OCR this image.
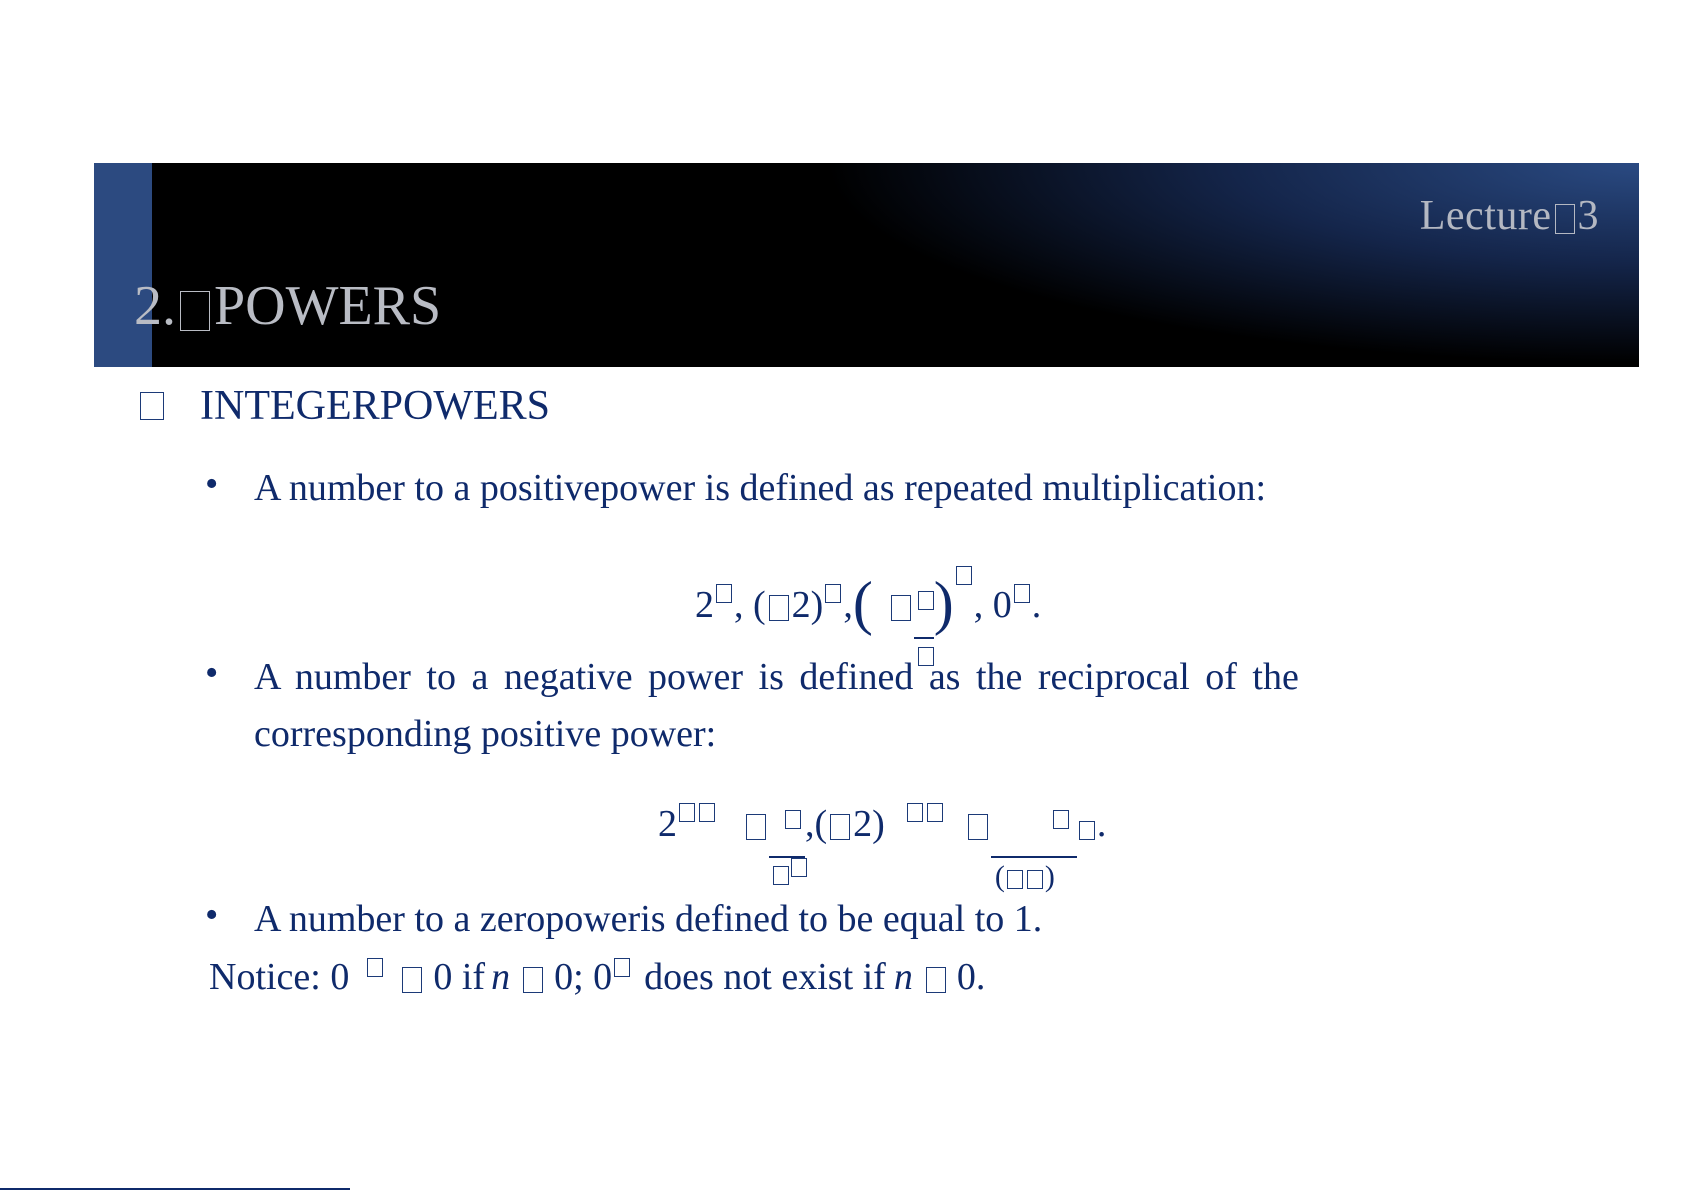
Lecture 3
2. POWERS
INTEGERPOWERS
• A number to a positivepower is defined as repeated multiplication:
2 , ( 2) ,( ) , 0 .
• A number to a negative power is defined as the reciprocal of the
corresponding positive power:
2	,( 2)
( )
.
• A number to a zeropoweris defined to be equal to 1.
Notice: 0 0 if n 0; 0 does not exist if n 0.
